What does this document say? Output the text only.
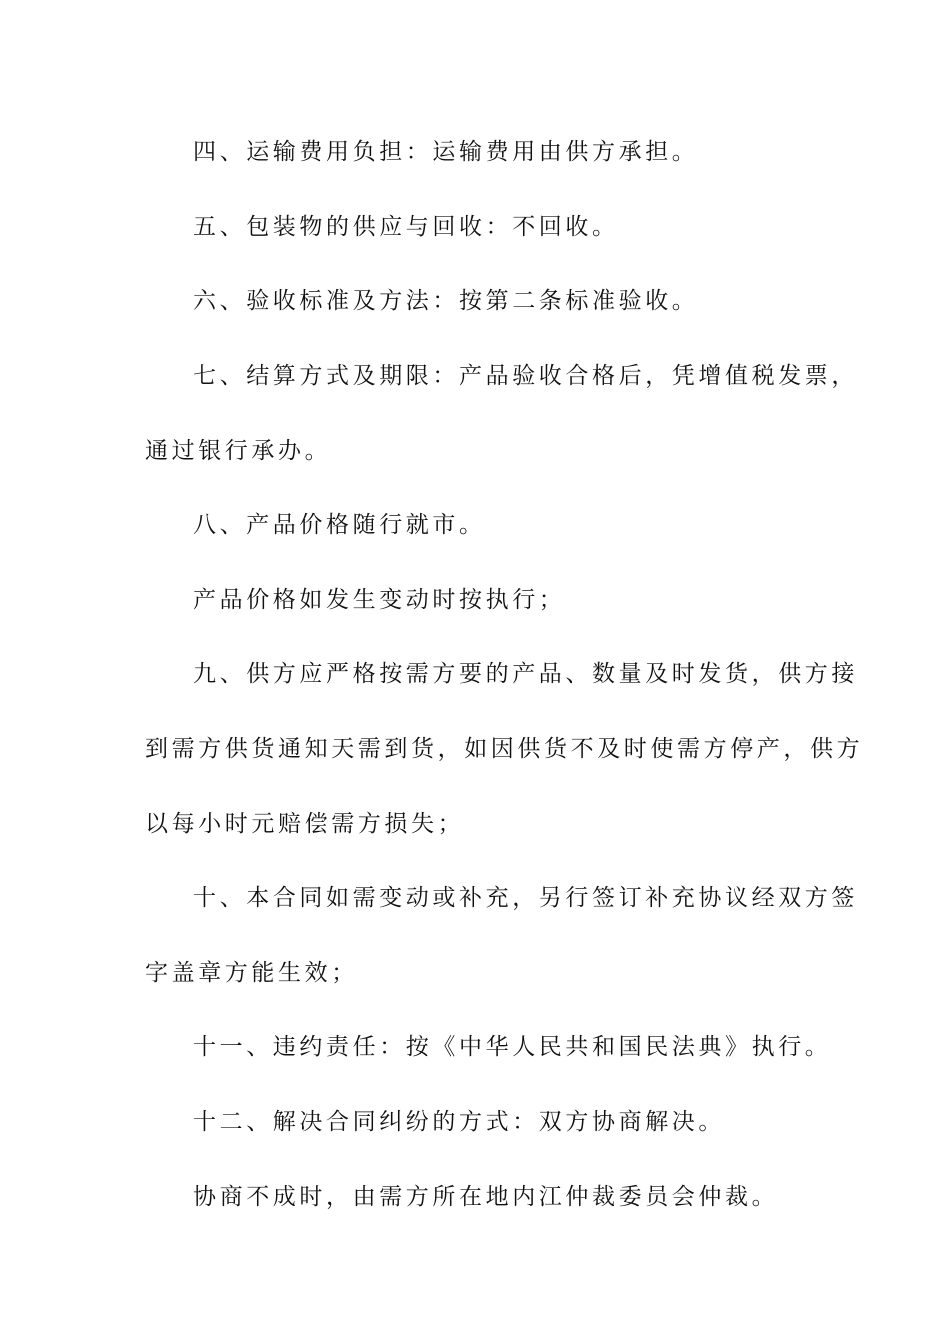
四、运输费用负担：运输费用由供方承担。
五、包装物的供应与回收：不回收。
六、验收标准及方法：按第二条标准验收。
七、结算方式及期限：产品验收合格后，凭增值税发票，
通过银行承办。
八、产品价格随行就市。
产品价格如发生变动时按执行；
九、供方应严格按需方要的产品、数量及时发货，供方接
到需方供货通知天需到货，如因供货不及时使需方停产，供方
以每小时元赔偿需方损失；
十、本合同如需变动或补充，另行签订补充协议经双方签
字盖章方能生效；
十一、违约责任：按《中华人民共和国民法典》执行。
十二、解决合同纠纷的方式：双方协商解决。
协商不成时，由需方所在地内江仲裁委员会仲裁。
